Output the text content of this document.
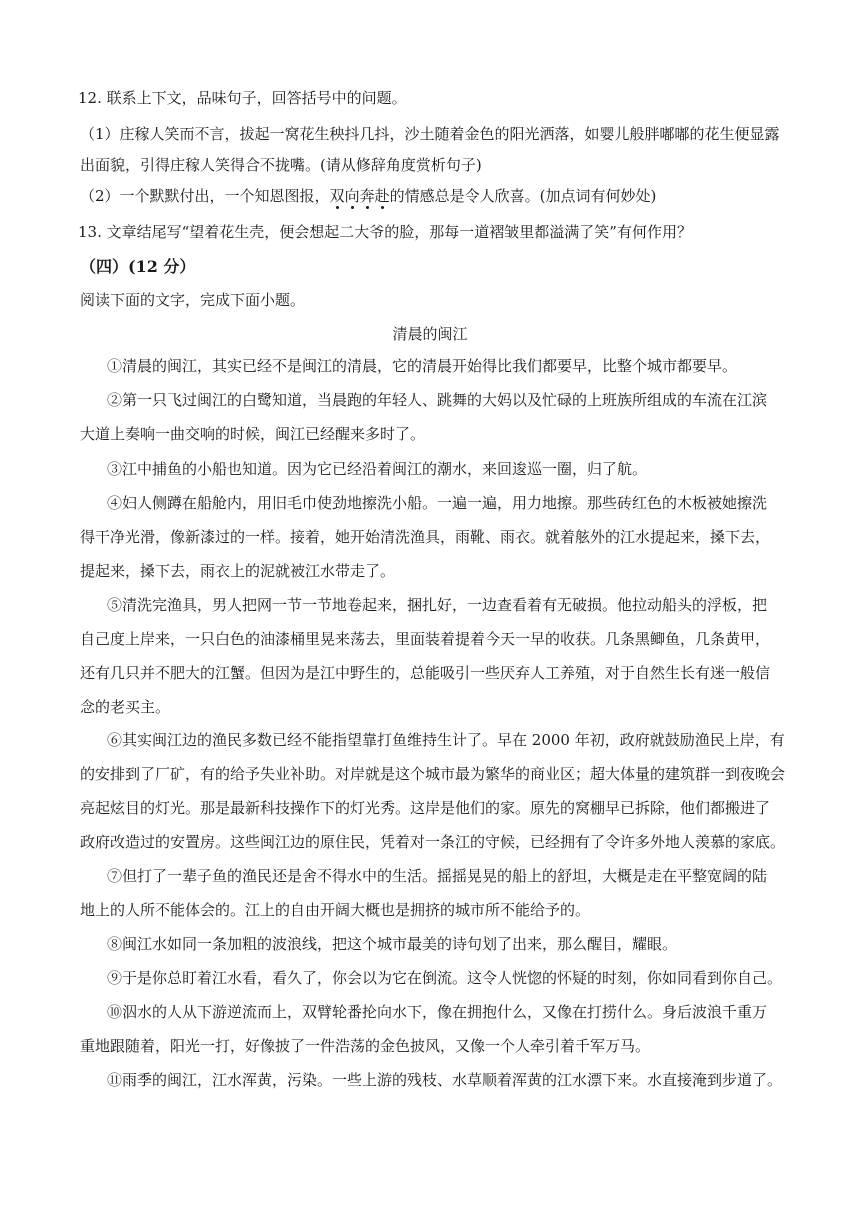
12. 联系上下文，品味句子，回答括号中的问题。
（1）庄稼人笑而不言，拔起一窝花生秧抖几抖，沙土随着金色的阳光洒落，如婴儿般胖嘟嘟的花生便显露
出面貌，引得庄稼人笑得合不拢嘴。(请从修辞角度赏析句子)
（2）一个默默付出，一个知恩图报，双向奔赴的情感总是令人欣喜。(加点词有何妙处)
13. 文章结尾写“望着花生壳，便会想起二大爷的脸，那每一道褶皱里都溢满了笑”有何作用？
（四）(12 分）
阅读下面的文字，完成下面小题。
清晨的闽江
①清晨的闽江，其实已经不是闽江的清晨，它的清晨开始得比我们都要早，比整个城市都要早。
②第一只飞过闽江的白鹭知道，当晨跑的年轻人、跳舞的大妈以及忙碌的上班族所组成的车流在江滨
大道上奏响一曲交响的时候，闽江已经醒来多时了。
③江中捕鱼的小船也知道。因为它已经沿着闽江的潮水，来回逡巡一圈，归了航。
④妇人侧蹲在船舱内，用旧毛巾使劲地擦洗小船。一遍一遍，用力地擦。那些砖红色的木板被她擦洗
得干净光滑，像新漆过的一样。接着，她开始清洗渔具，雨靴、雨衣。就着舷外的江水提起来，搡下去，
提起来，搡下去，雨衣上的泥就被江水带走了。
⑤清洗完渔具，男人把网一节一节地卷起来，捆扎好，一边查看着有无破损。他拉动船头的浮板，把
自己度上岸来，一只白色的油漆桶里晃来荡去，里面装着提着今天一早的收获。几条黑鲫鱼，几条黄甲，
还有几只并不肥大的江蟹。但因为是江中野生的，总能吸引一些厌弃人工养殖，对于自然生长有迷一般信
念的老买主。
⑥其实闽江边的渔民多数已经不能指望靠打鱼维持生计了。早在 2000 年初，政府就鼓励渔民上岸，有
的安排到了厂矿，有的给予失业补助。对岸就是这个城市最为繁华的商业区；超大体量的建筑群一到夜晚会
亮起炫目的灯光。那是最新科技操作下的灯光秀。这岸是他们的家。原先的窝棚早已拆除，他们都搬进了
政府改造过的安置房。这些闽江边的原住民，凭着对一条江的守候，已经拥有了令许多外地人羡慕的家底。
⑦但打了一辈子鱼的渔民还是舍不得水中的生活。摇摇晃晃的船上的舒坦，大概是走在平整宽阔的陆
地上的人所不能体会的。江上的自由开阔大概也是拥挤的城市所不能给予的。
⑧闽江水如同一条加粗的波浪线，把这个城市最美的诗句划了出来，那么醒目，耀眼。
⑨于是你总盯着江水看，看久了，你会以为它在倒流。这令人恍惚的怀疑的时刻，你如同看到你自己。
⑩泅水的人从下游逆流而上，双臂轮番抡向水下，像在拥抱什么，又像在打捞什么。身后波浪千重万
重地跟随着，阳光一打，好像披了一件浩荡的金色披风，又像一个人牵引着千军万马。
⑪雨季的闽江，江水浑黄，污染。一些上游的残枝、水草顺着浑黄的江水漂下来。水直接淹到步道了。
